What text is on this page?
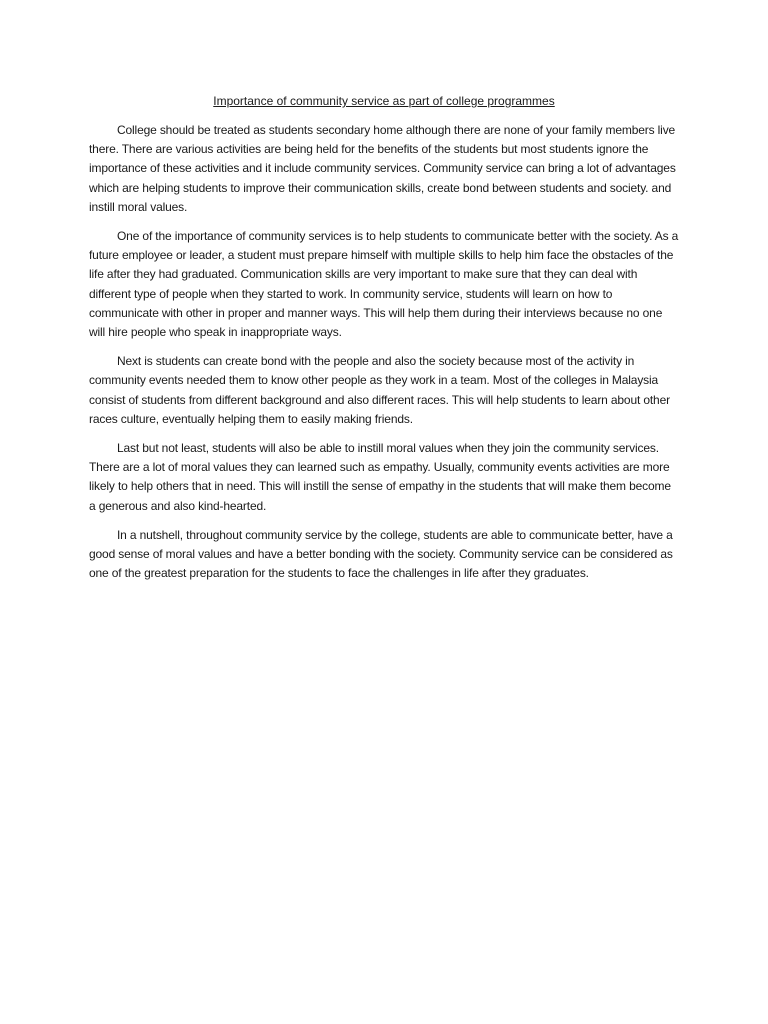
Importance of community service as part of college programmes

College should be treated as students secondary home although there are none of your family members live there. There are various activities are being held for the benefits of the students but most students ignore the importance of these activities and it include community services. Community service can bring a lot of advantages which are helping students to improve their communication skills, create bond between students and society. and instill moral values.

One of the importance of community services is to help students to communicate better with the society. As a future employee or leader, a student must prepare himself with multiple skills to help him face the obstacles of the life after they had graduated. Communication skills are very important to make sure that they can deal with different type of people when they started to work. In community service, students will learn on how to communicate with other in proper and manner ways. This will help them during their interviews because no one will hire people who speak in inappropriate ways.

Next is students can create bond with the people and also the society because most of the activity in community events needed them to know other people as they work in a team. Most of the colleges in Malaysia consist of students from different background and also different races. This will help students to learn about other races culture, eventually helping them to easily making friends.

Last but not least, students will also be able to instill moral values when they join the community services. There are a lot of moral values they can learned such as empathy. Usually, community events activities are more likely to help others that in need. This will instill the sense of empathy in the students that will make them become a generous and also kind-hearted.

In a nutshell, throughout community service by the college, students are able to communicate better, have a good sense of moral values and have a better bonding with the society. Community service can be considered as one of the greatest preparation for the students to face the challenges in life after they graduates.
